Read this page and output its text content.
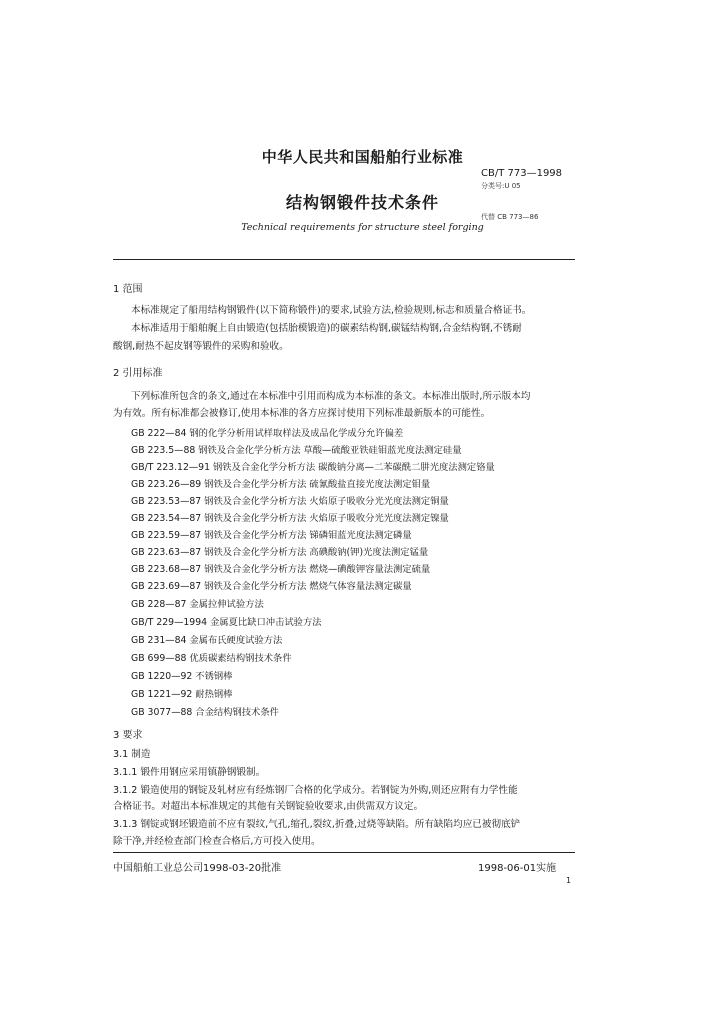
中华人民共和国船舶行业标准
CB/T 773—1998
分类号:U 05
结构钢锻件技术条件
代替 CB 773—86
Technical requirements for structure steel forging
1 范围
本标准规定了船用结构钢锻件(以下简称锻件)的要求,试验方法,检验规则,标志和质量合格证书。
本标准适用于船舶艉上自由锻造(包括胎模锻造)的碳素结构钢,碳锰结构钢,合金结构钢,不锈耐
酸钢,耐热不起皮钢等锻件的采购和验收。
2 引用标准
下列标准所包含的条文,通过在本标准中引用而构成为本标准的条文。本标准出版时,所示版本均
为有效。所有标准都会被修订,使用本标准的各方应探讨使用下列标准最新版本的可能性。
GB 222—84 钢的化学分析用试样取样法及成品化学成分允许偏差
GB 223.5—88 钢铁及合金化学分析方法 草酸—硫酸亚铁硅钼蓝光度法测定硅量
GB/T 223.12—91 钢铁及合金化学分析方法 碳酸钠分离—二苯碳酰二肼光度法测定铬量
GB 223.26—89 钢铁及合金化学分析方法 硫氰酸盐直接光度法测定钼量
GB 223.53—87 钢铁及合金化学分析方法 火焰原子吸收分光光度法测定铜量
GB 223.54—87 钢铁及合金化学分析方法 火焰原子吸收分光光度法测定镍量
GB 223.59—87 钢铁及合金化学分析方法 锑磷钼蓝光度法测定磷量
GB 223.63—87 钢铁及合金化学分析方法 高碘酸钠(钾)光度法测定锰量
GB 223.68—87 钢铁及合金化学分析方法 燃烧—碘酸钾容量法测定硫量
GB 223.69—87 钢铁及合金化学分析方法 燃烧气体容量法测定碳量
GB 228—87 金属拉伸试验方法
GB/T 229—1994 金属夏比缺口冲击试验方法
GB 231—84 金属布氏硬度试验方法
GB 699—88 优质碳素结构钢技术条件
GB 1220—92 不锈钢棒
GB 1221—92 耐热钢棒
GB 3077—88 合金结构钢技术条件
3 要求
3.1 制造
3.1.1 锻件用钢应采用镇静钢锻制。
3.1.2 锻造使用的钢锭及轧材应有经炼钢厂合格的化学成分。若钢锭为外购,则还应附有力学性能
合格证书。对超出本标准规定的其他有关钢锭验收要求,由供需双方议定。
3.1.3 钢锭或钢坯锻造前不应有裂纹,气孔,缩孔,裂纹,折叠,过烧等缺陷。所有缺陷均应已被彻底铲
除干净,并经检查部门检查合格后,方可投入使用。
中国船舶工业总公司1998-03-20批准	1998-06-01实施
1
